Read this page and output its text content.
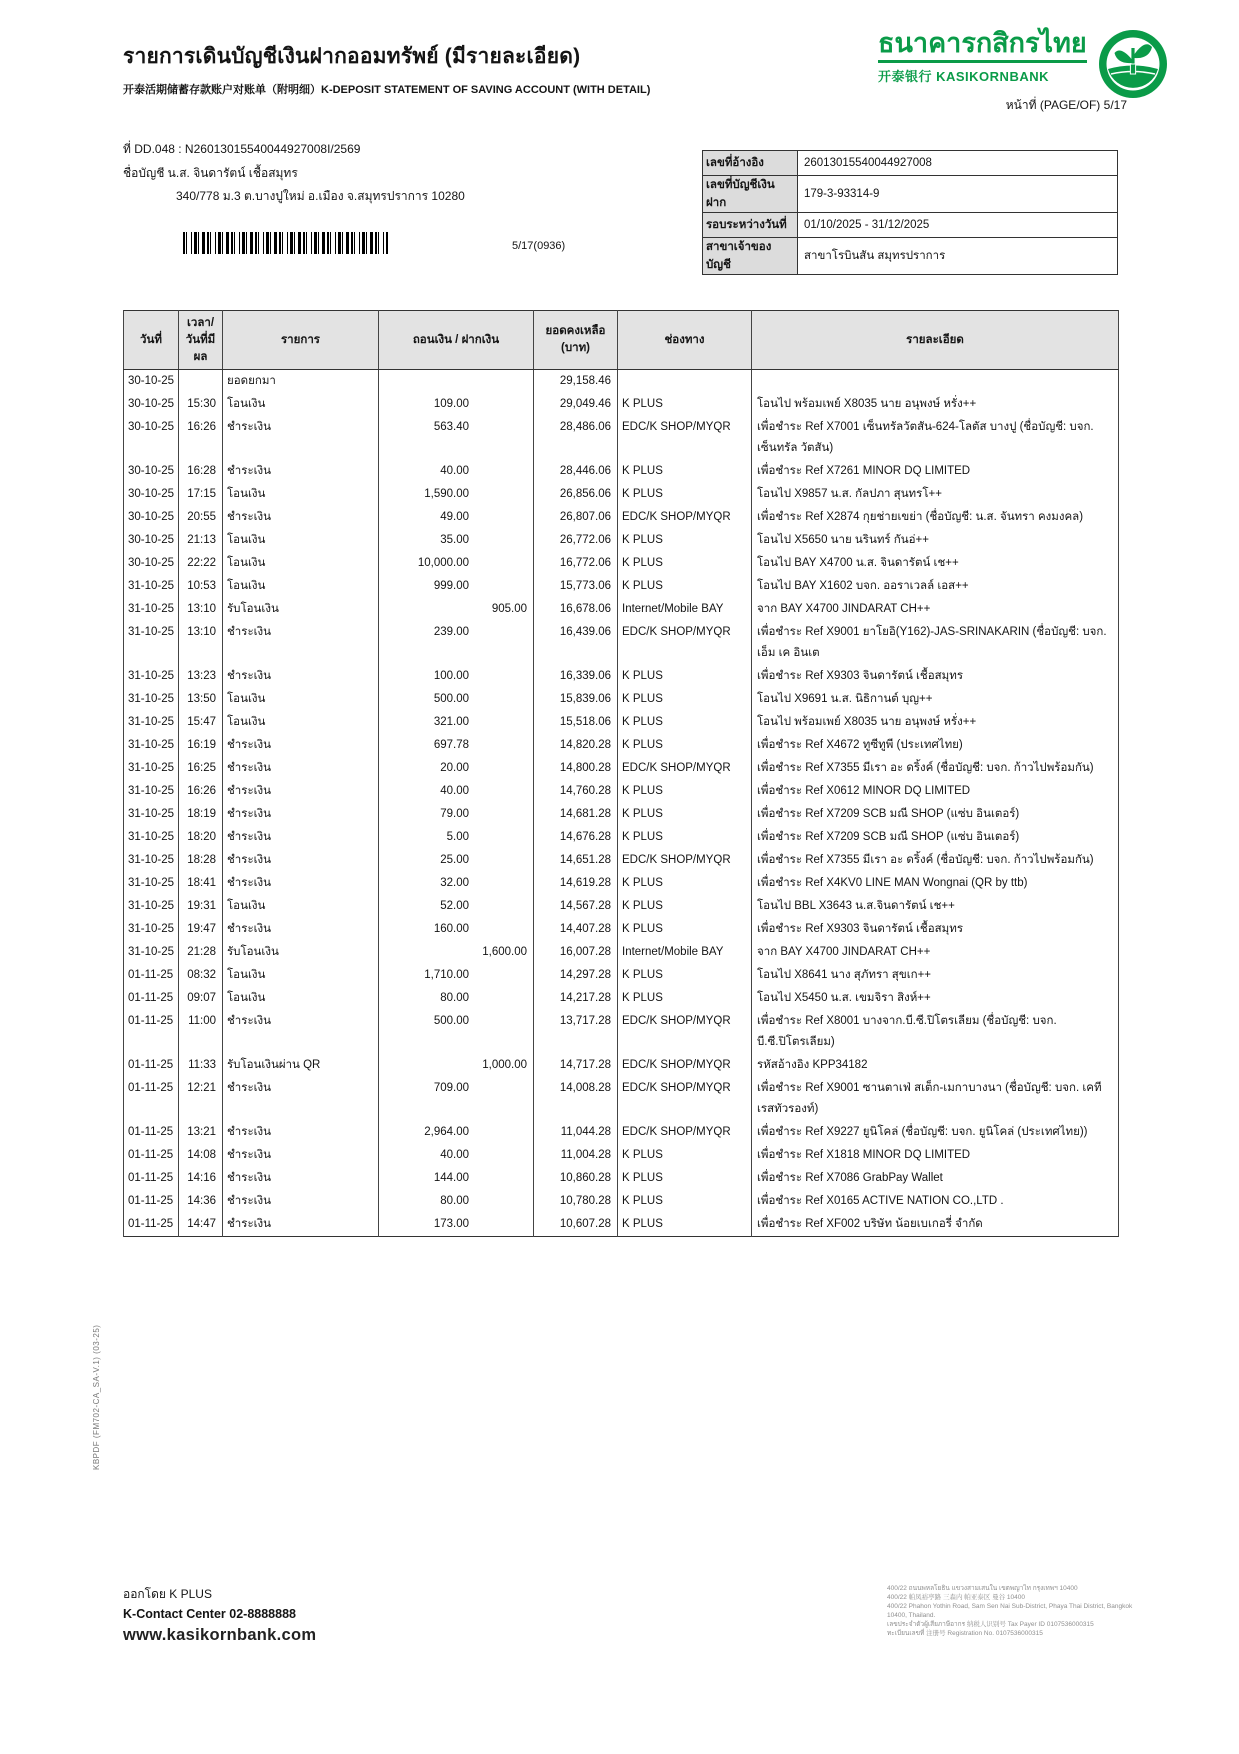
รายการเดินบัญชีเงินฝากออมทรัพย์ (มีรายละเอียด)
开泰活期储蓄存款账户对账单（附明细）K-DEPOSIT STATEMENT OF SAVING ACCOUNT (WITH DETAIL)
ธนาคารกสิกรไทย
开泰银行 KASIKORNBANK
หน้าที่ (PAGE/OF) 5/17
ที่ DD.048 : N26013015540044927008I/2569
ชื่อบัญชี น.ส. จินดารัตน์ เชื้อสมุทร
340/778 ม.3 ต.บางปูใหม่ อ.เมือง จ.สมุทรปราการ 10280
เลขที่อ้างอิง	26013015540044927008
เลขที่บัญชีเงินฝาก	179-3-93314-9
รอบระหว่างวันที่	01/10/2025 - 31/12/2025
สาขาเจ้าของบัญชี	สาขาโรบินสัน สมุทรปราการ
5/17(0936)
วันที่	
เวลา/
วันที่มีผล
	รายการ	ถอนเงิน / ฝากเงิน	
ยอดคงเหลือ
(บาท)
	ช่องทาง	รายละเอียด
30-10-25		ยอดยกมา		29,158.46		
30-10-25	15:30	โอนเงิน	109.00	29,049.46	K PLUS	โอนไป พร้อมเพย์ X8035 นาย อนุพงษ์ หรั่ง++
30-10-25	16:26	ชำระเงิน	563.40	28,486.06	EDC/K SHOP/MYQR	เพื่อชำระ Ref X7001 เซ็นทรัลวัตสัน-624-โลตัส บางปู (ชื่อบัญชี: บจก. เซ็นทรัล วัตสัน)
30-10-25	16:28	ชำระเงิน	40.00	28,446.06	K PLUS	เพื่อชำระ Ref X7261 MINOR DQ LIMITED
30-10-25	17:15	โอนเงิน	1,590.00	26,856.06	K PLUS	โอนไป X9857 น.ส. กัลปภา สุนทรโ++
30-10-25	20:55	ชำระเงิน	49.00	26,807.06	EDC/K SHOP/MYQR	เพื่อชำระ Ref X2874 กุยช่ายเขย่า (ชื่อบัญชี: น.ส. จันทรา คงมงคล)
30-10-25	21:13	โอนเงิน	35.00	26,772.06	K PLUS	โอนไป X5650 นาย นรินทร์ กันอ่++
30-10-25	22:22	โอนเงิน	10,000.00	16,772.06	K PLUS	โอนไป BAY X4700 น.ส. จินดารัตน์ เช++
31-10-25	10:53	โอนเงิน	999.00	15,773.06	K PLUS	โอนไป BAY X1602 บจก. ออราเวลล์ เอส++
31-10-25	13:10	รับโอนเงิน	905.00	16,678.06	Internet/Mobile BAY	จาก BAY X4700 JINDARAT CH++
31-10-25	13:10	ชำระเงิน	239.00	16,439.06	EDC/K SHOP/MYQR	เพื่อชำระ Ref X9001 ยาโยอิ(Y162)-JAS-SRINAKARIN (ชื่อบัญชี: บจก. เอ็ม เค อินเต
31-10-25	13:23	ชำระเงิน	100.00	16,339.06	K PLUS	เพื่อชำระ Ref X9303 จินดารัตน์ เชื้อสมุทร
31-10-25	13:50	โอนเงิน	500.00	15,839.06	K PLUS	โอนไป X9691 น.ส. นิธิกานต์ บุญ++
31-10-25	15:47	โอนเงิน	321.00	15,518.06	K PLUS	โอนไป พร้อมเพย์ X8035 นาย อนุพงษ์ หรั่ง++
31-10-25	16:19	ชำระเงิน	697.78	14,820.28	K PLUS	เพื่อชำระ Ref X4672 ทูซีทูพี (ประเทศไทย)
31-10-25	16:25	ชำระเงิน	20.00	14,800.28	EDC/K SHOP/MYQR	เพื่อชำระ Ref X7355 มีเรา อะ ดริ้งค์ (ชื่อบัญชี: บจก. ก้าวไปพร้อมกัน)
31-10-25	16:26	ชำระเงิน	40.00	14,760.28	K PLUS	เพื่อชำระ Ref X0612 MINOR DQ LIMITED
31-10-25	18:19	ชำระเงิน	79.00	14,681.28	K PLUS	เพื่อชำระ Ref X7209 SCB มณี SHOP (แซ่บ อินเตอร์)
31-10-25	18:20	ชำระเงิน	5.00	14,676.28	K PLUS	เพื่อชำระ Ref X7209 SCB มณี SHOP (แซ่บ อินเตอร์)
31-10-25	18:28	ชำระเงิน	25.00	14,651.28	EDC/K SHOP/MYQR	เพื่อชำระ Ref X7355 มีเรา อะ ดริ้งค์ (ชื่อบัญชี: บจก. ก้าวไปพร้อมกัน)
31-10-25	18:41	ชำระเงิน	32.00	14,619.28	K PLUS	เพื่อชำระ Ref X4KV0 LINE MAN Wongnai (QR by ttb)
31-10-25	19:31	โอนเงิน	52.00	14,567.28	K PLUS	โอนไป BBL X3643 น.ส.จินดารัตน์ เช++
31-10-25	19:47	ชำระเงิน	160.00	14,407.28	K PLUS	เพื่อชำระ Ref X9303 จินดารัตน์ เชื้อสมุทร
31-10-25	21:28	รับโอนเงิน	1,600.00	16,007.28	Internet/Mobile BAY	จาก BAY X4700 JINDARAT CH++
01-11-25	08:32	โอนเงิน	1,710.00	14,297.28	K PLUS	โอนไป X8641 นาง สุภัทรา สุขเก++
01-11-25	09:07	โอนเงิน	80.00	14,217.28	K PLUS	โอนไป X5450 น.ส. เขมจิรา สิงห์++
01-11-25	11:00	ชำระเงิน	500.00	13,717.28	EDC/K SHOP/MYQR	เพื่อชำระ Ref X8001 บางจาก.บี.ซี.ปิโตรเลียม (ชื่อบัญชี: บจก. บี.ซี.ปิโตรเลียม)
01-11-25	11:33	รับโอนเงินผ่าน QR	1,000.00	14,717.28	EDC/K SHOP/MYQR	รหัสอ้างอิง KPP34182
01-11-25	12:21	ชำระเงิน	709.00	14,008.28	EDC/K SHOP/MYQR	เพื่อชำระ Ref X9001 ซานตาเฟ่ สเต็ก-เมกาบางนา (ชื่อบัญชี: บจก. เคที เรสทัวรองท์)
01-11-25	13:21	ชำระเงิน	2,964.00	11,044.28	EDC/K SHOP/MYQR	เพื่อชำระ Ref X9227 ยูนิโคล่ (ชื่อบัญชี: บจก. ยูนิโคล่ (ประเทศไทย))
01-11-25	14:08	ชำระเงิน	40.00	11,004.28	K PLUS	เพื่อชำระ Ref X1818 MINOR DQ LIMITED
01-11-25	14:16	ชำระเงิน	144.00	10,860.28	K PLUS	เพื่อชำระ Ref X7086 GrabPay Wallet
01-11-25	14:36	ชำระเงิน	80.00	10,780.28	K PLUS	เพื่อชำระ Ref X0165 ACTIVE NATION CO.,LTD .
01-11-25	14:47	ชำระเงิน	173.00	10,607.28	K PLUS	เพื่อชำระ Ref XF002 บริษัท น้อยเบเกอรี่ จำกัด
KBPDF (FM702-CA_SA-V.1) (03-25)
ออกโดย K PLUS
K-Contact Center 02-8888888
www.kasikornbank.com
400/22 ถนนพหลโยธิน แขวงสามเสนใน เขตพญาไท กรุงเทพฯ 10400
400/22 帕凤裕亭路 三森内 帕亚泰区 曼谷 10400
400/22 Phahon Yothin Road, Sam Sen Nai Sub-District, Phaya Thai District, Bangkok 10400, Thailand.
เลขประจำตัวผู้เสียภาษีอากร 纳税人识别号 Tax Payer ID 0107536000315
ทะเบียนเลขที่ 注册号 Registration No. 0107536000315
